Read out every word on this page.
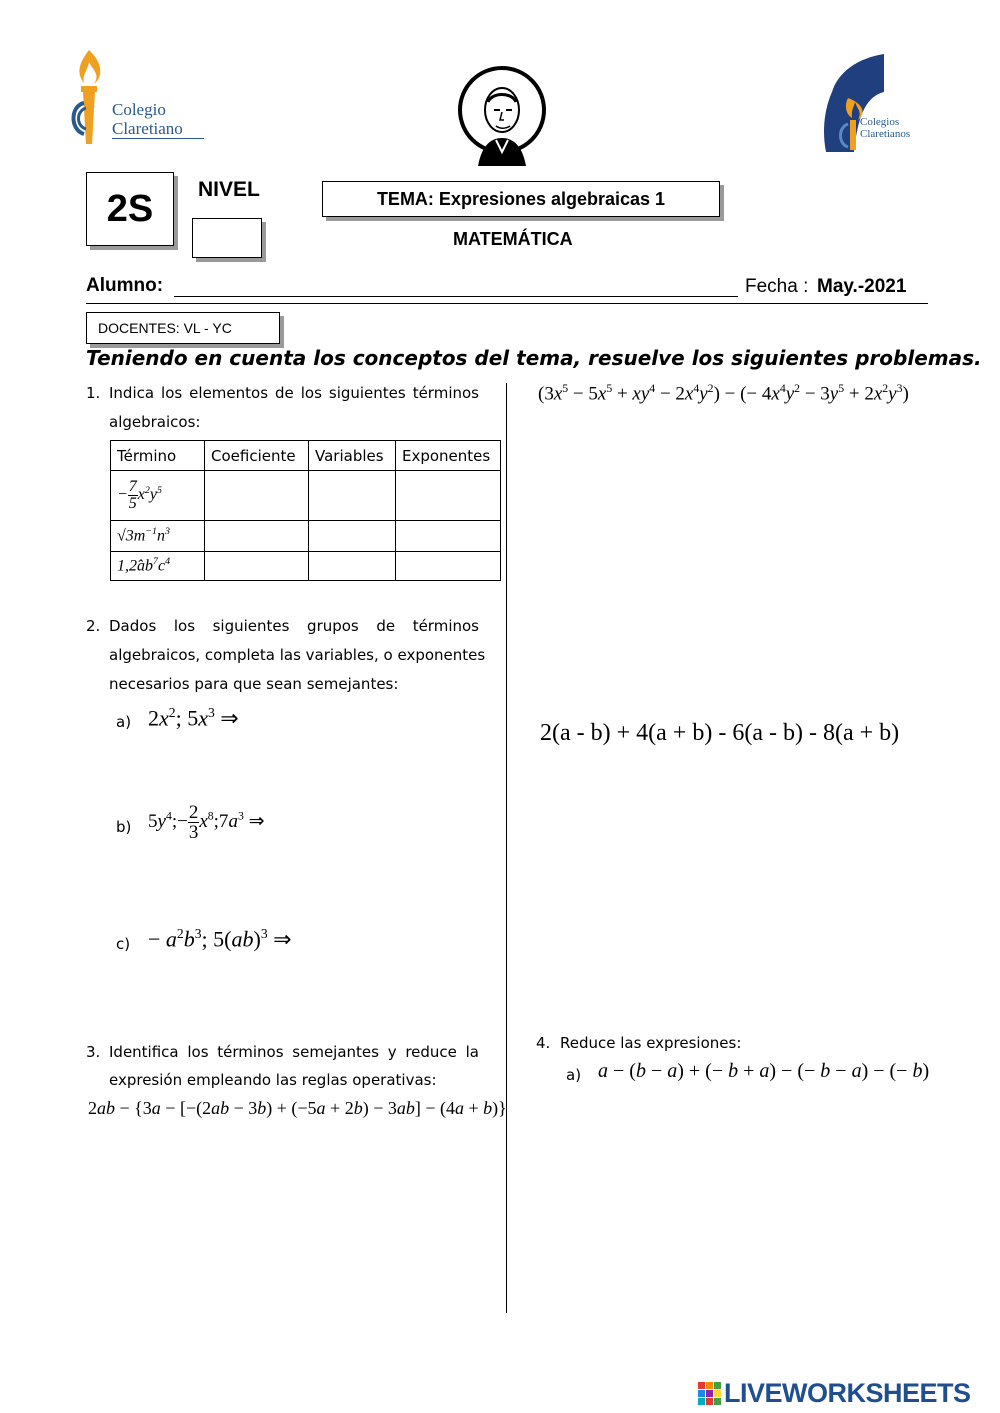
Colegio
Claretiano	Colegios
Claretianos
2S NIVEL	TEMA: Expresiones algebraicas 1
MATEMÁTICA
Alumno:	Fecha : May.-2021
DOCENTES: VL - YC
Teniendo en cuenta los conceptos del tema, resuelve los siguientes problemas.
1. Indica los elementos de los siguientes términos
algebraicos:
Término	Coeficiente	Variables	Exponentes
− $\frac{7}{5} x^2y^5$			
$√3m^{-1}n^3$			
$1,2̂ab^7c^4$			
2. Dados los siguientes grupos de términos
algebraicos, completa las variables, o exponentes
necesarios para que sean semejantes:
a) $2x^2$; $5x^3$ ⇒
b) $5y^4;- \frac{2}{3}$ $x^8;7a^3$ ⇒
$c) - a^2b^3$; 5(ab)$^3$ ⇒
3. Identifica los términos semejantes y reduce la
expresión empleando las reglas operativas:
2ab − {3a − [−(2ab − 3b) + (−5a + 2b) − 3ab] − (4a + b)}
$(3x^5 - 5x^5 + xy^4 - 2x^4y^2)$ − (− $4x^4y^2 - 3y^5 + 2x^2y^3$)
2(a - b) + 4(a + b) - 6(a - b) - 8(a + b)
4. Reduce las expresiones:
a) a − (b − a) + (− b + a) − (− b − a) − (− b)
LIVEWORKSHEETS
